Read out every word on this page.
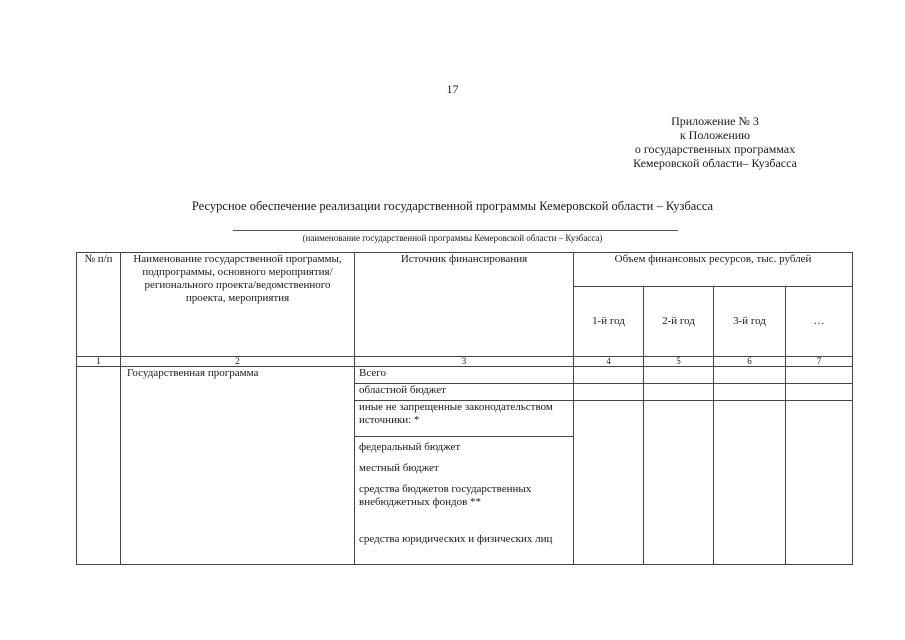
17
Приложение № 3
к Положению
о государственных программах
Кемеровской области– Кузбасса
Ресурсное обеспечение реализации государственной программы Кемеровской области – Кузбасса
(наименование государственной программы Кемеровской области – Кузбасса)
№ п/п	Наименование государственной программы, подпрограммы, основного мероприятия/регионального проекта/ведомственного проекта, мероприятия	Источник финансирования	Объем финансовых ресурсов, тыс. рублей			
			1-й год	2-й год	3-й год	…
1	2	3	4	5	6	7
	Государственная программа	Всего				
		областной бюджет				
		иные не запрещенные законодательством источники: *				
		федеральный бюджет				
		местный бюджет				
		средства бюджетов государственных внебюджетных фондов **				
		средства юридических и физических лиц				
